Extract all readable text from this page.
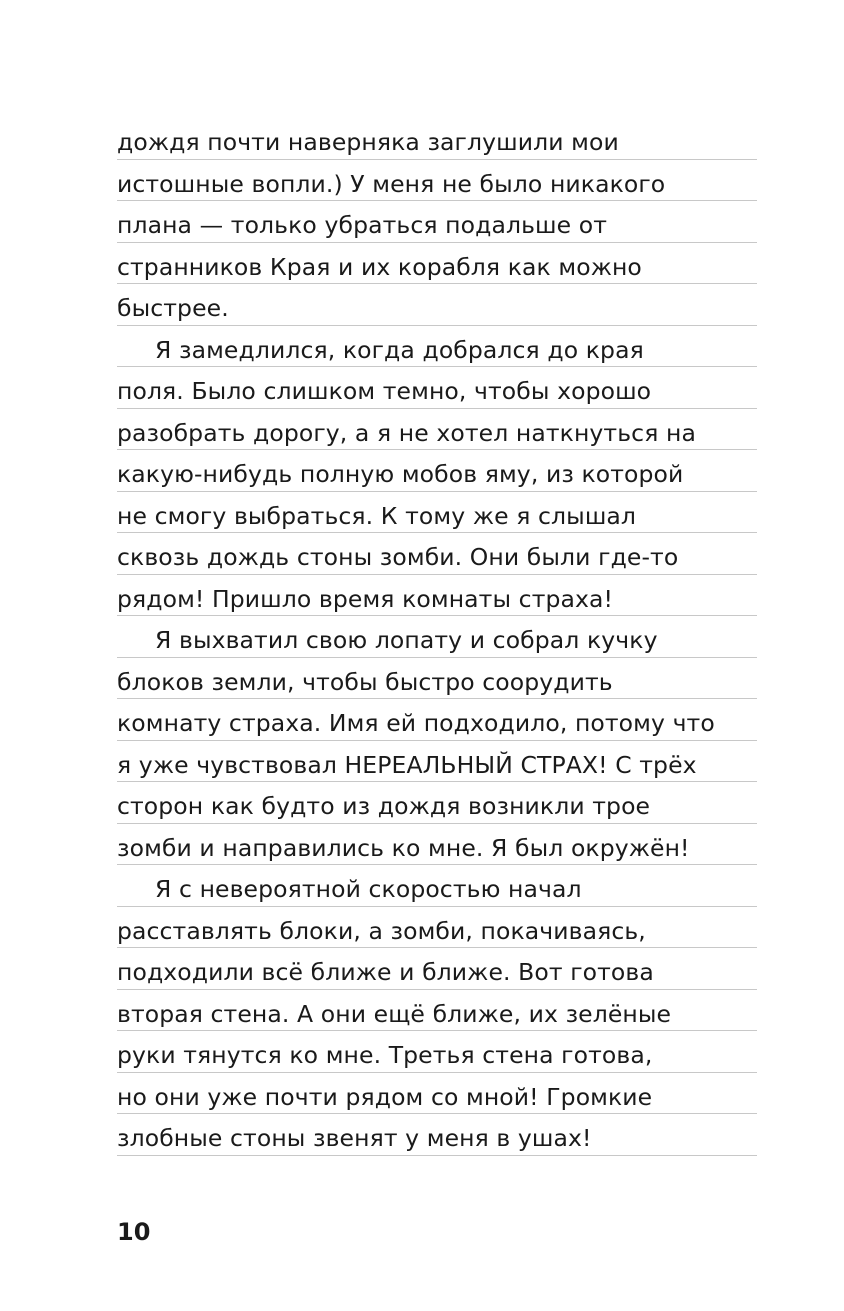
дождя почти наверняка заглушили мои
истошные вопли.) У меня не было никакого
плана — только убраться подальше от
странников Края и их корабля как можно
быстрее.
Я замедлился, когда добрался до края
поля. Было слишком темно, чтобы хорошо
разобрать дорогу, а я не хотел наткнуться на
какую-нибудь полную мобов яму, из которой
не смогу выбраться. К тому же я слышал
сквозь дождь стоны зомби. Они были где-то
рядом! Пришло время комнаты страха!
Я выхватил свою лопату и собрал кучку
блоков земли, чтобы быстро соорудить
комнату страха. Имя ей подходило, потому что
я уже чувствовал НЕРЕАЛЬНЫЙ СТРАХ! С трёх
сторон как будто из дождя возникли трое
зомби и направились ко мне. Я был окружён!
Я с невероятной скоростью начал
расставлять блоки, а зомби, покачиваясь,
подходили всё ближе и ближе. Вот готова
вторая стена. А они ещё ближе, их зелёные
руки тянутся ко мне. Третья стена готова,
но они уже почти рядом со мной! Громкие
злобные стоны звенят у меня в ушах!
10
